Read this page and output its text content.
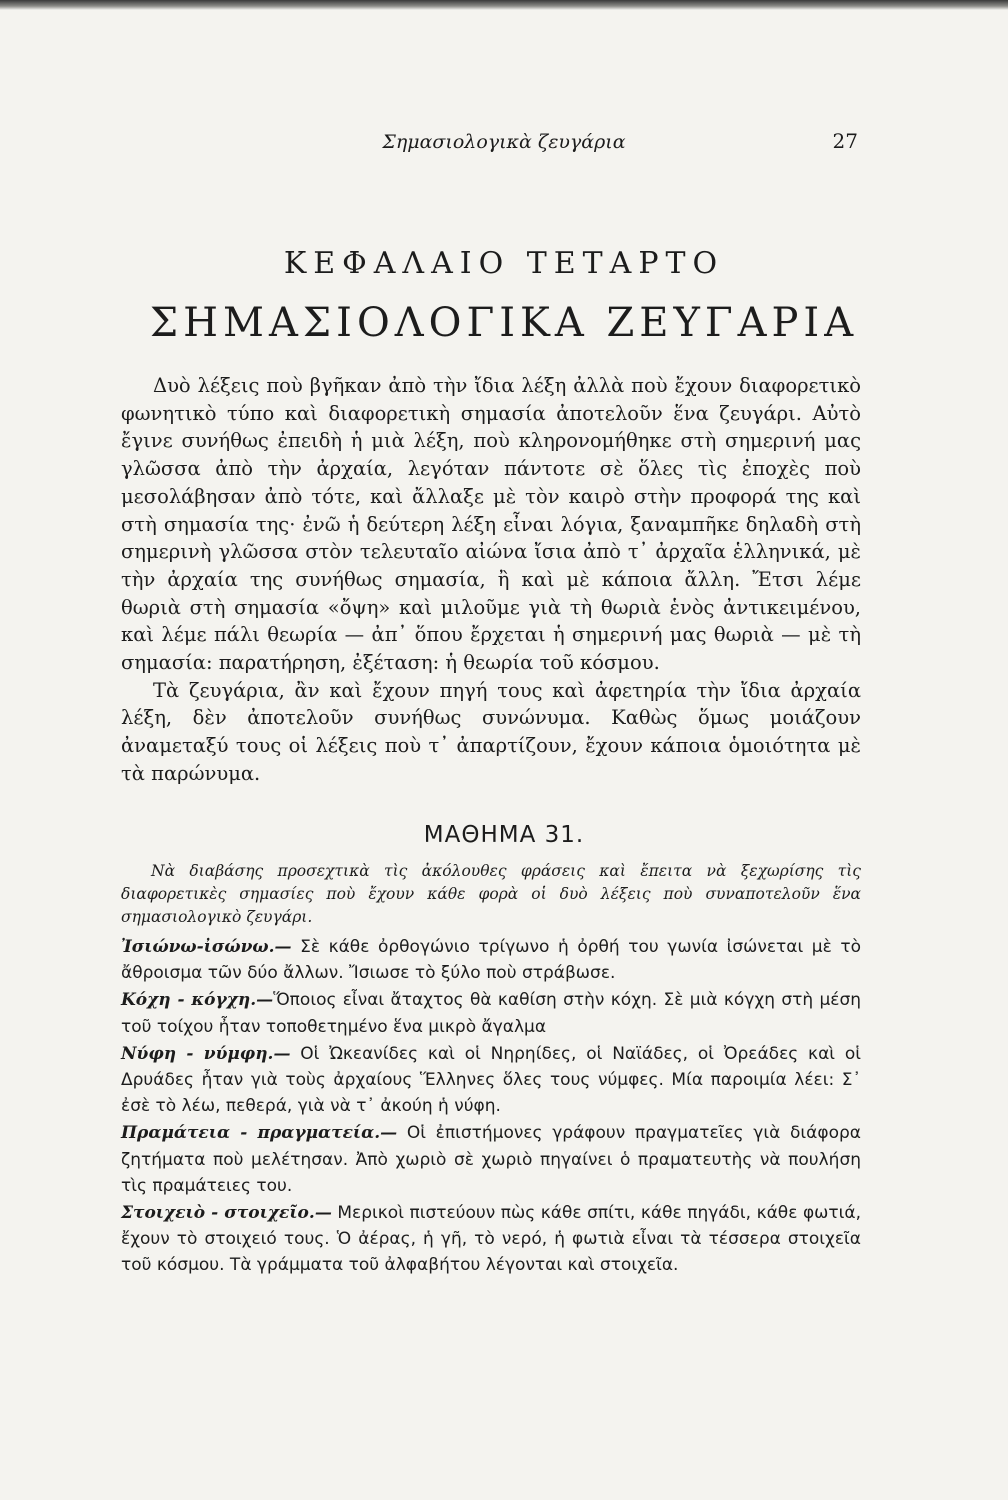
Σημασιολογικὰ ζευγάρια	27
ΚΕΦΑΛΑΙΟ ΤΕΤΑΡΤΟ
ΣΗΜΑΣΙΟΛΟΓΙΚΑ ΖΕΥΓΑΡΙΑ

Δυὸ λέξεις ποὺ βγῆκαν ἀπὸ τὴν ἴδια λέξη ἀλλὰ ποὺ ἔχουν διαφορετικὸ φωνητικὸ τύπο καὶ διαφορετικὴ σημασία ἀποτελοῦν ἕνα ζευγάρι. Αὐτὸ ἔγινε συνήθως ἐπειδὴ ἡ μιὰ λέξη, ποὺ κληρονομήθηκε στὴ σημερινή μας γλῶσσα ἀπὸ τὴν ἀρχαία, λεγόταν πάντοτε σὲ ὅλες τὶς ἐποχὲς ποὺ μεσολάβησαν ἀπὸ τότε, καὶ ἄλλαξε μὲ τὸν καιρὸ στὴν προφορά της καὶ στὴ σημασία της· ἐνῶ ἡ δεύτερη λέξη εἶναι λόγια, ξαναμπῆκε δηλαδὴ στὴ σημερινὴ γλῶσσα στὸν τελευταῖο αἰώνα ἴσια ἀπὸ τ᾽ ἀρχαῖα ἑλληνικά, μὲ τὴν ἀρχαία της συνήθως σημασία, ἢ καὶ μὲ κάποια ἄλλη. Ἔτσι λέμε θωριὰ στὴ σημασία «ὄψη» καὶ μιλοῦμε γιὰ τὴ θωριὰ ἑνὸς ἀντικειμένου, καὶ λέμε πάλι θεωρία — ἀπ᾽ ὅπου ἔρχεται ἡ σημερινή μας θωριὰ — μὲ τὴ σημασία: παρατήρηση, ἐξέταση: ἡ θεωρία τοῦ κόσμου.

Τὰ ζευγάρια, ἂν καὶ ἔχουν πηγή τους καὶ ἀφετηρία τὴν ἴδια ἀρχαία λέξη, δὲν ἀποτελοῦν συνήθως συνώνυμα. Καθὼς ὅμως μοιάζουν ἀναμεταξύ τους οἱ λέξεις ποὺ τ᾽ ἀπαρτίζουν, ἔχουν κάποια ὁμοιότητα μὲ τὰ παρώνυμα.

ΜΑΘΗΜΑ 31.

Νὰ διαβάσης προσεχτικὰ τὶς ἀκόλουθες φράσεις καὶ ἔπειτα νὰ ξεχωρίσης τὶς διαφορετικὲς σημασίες ποὺ ἔχουν κάθε φορὰ οἱ δυὸ λέξεις ποὺ συναποτελοῦν ἕνα σημασιολογικὸ ζευγάρι.

Ἰσιώνω-ἰσώνω.— Σὲ κάθε ὀρθογώνιο τρίγωνο ἡ ὀρθή του γωνία ἰσώνεται μὲ τὸ ἄθροισμα τῶν δύο ἄλλων. Ἴσιωσε τὸ ξύλο ποὺ στράβωσε.

Κόχη - κόγχη.—Ὅποιος εἶναι ἄταχτος θὰ καθίση στὴν κόχη. Σὲ μιὰ κόγχη στὴ μέση τοῦ τοίχου ἦταν τοποθετημένο ἕνα μικρὸ ἄγαλμα

Νύφη - νύμφη.— Οἱ Ὠκεανίδες καὶ οἱ Νηρηίδες, οἱ Ναϊάδες, οἱ Ὀρεάδες καὶ οἱ Δρυάδες ἦταν γιὰ τοὺς ἀρχαίους Ἕλληνες ὅλες τους νύμφες. Μία παροιμία λέει: Σ᾽ ἐσὲ τὸ λέω, πεθερά, γιὰ νὰ τ᾽ ἀκούη ἡ νύφη.

Πραμάτεια - πραγματεία.— Οἱ ἐπιστήμονες γράφουν πραγματεῖες γιὰ διάφορα ζητήματα ποὺ μελέτησαν. Ἀπὸ χωριὸ σὲ χωριὸ πηγαίνει ὁ πραματευτὴς νὰ πουλήση τὶς πραμάτειες του.

Στοιχειὸ - στοιχεῖο.— Μερικοὶ πιστεύουν πὼς κάθε σπίτι, κάθε πηγάδι, κάθε φωτιά, ἔχουν τὸ στοιχειό τους. Ὁ ἀέρας, ἡ γῆ, τὸ νερό, ἡ φωτιὰ εἶναι τὰ τέσσερα στοιχεῖα τοῦ κόσμου. Τὰ γράμματα τοῦ ἀλφαβήτου λέγονται καὶ στοιχεῖα.
